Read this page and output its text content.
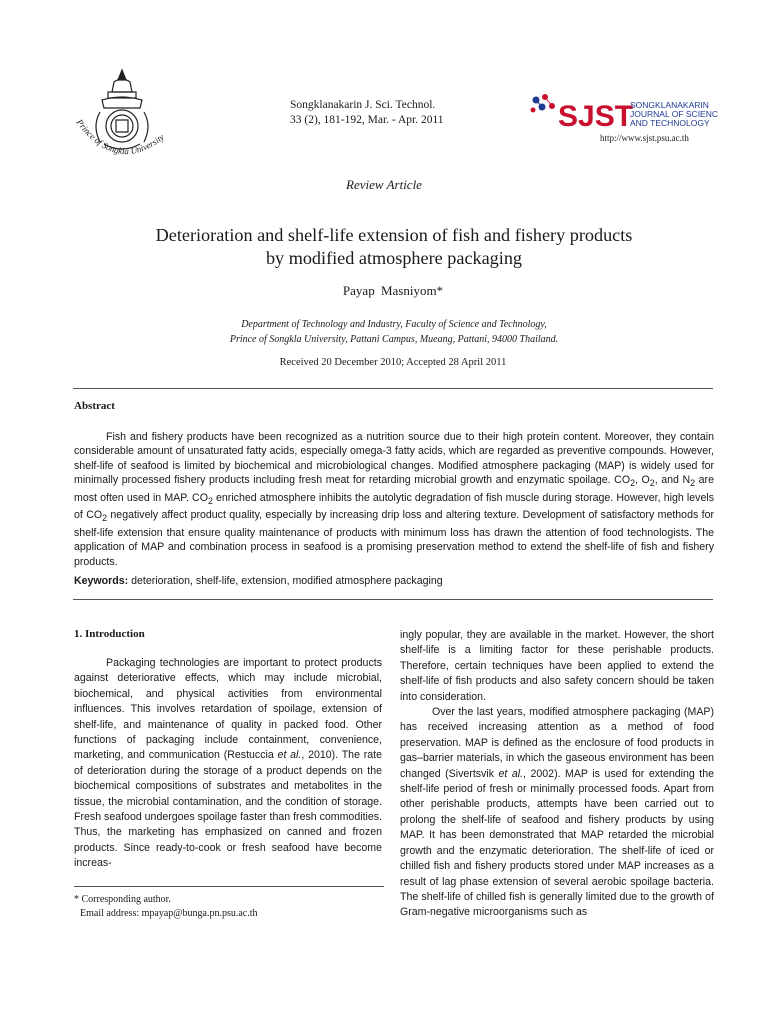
Prince of Songkla University
Songklanakarin J. Sci. Technol.
33 (2), 181-192, Mar. - Apr. 2011	SJST
SONGKLANAKARIN
JOURNAL OF SCIENCE
AND TECHNOLOGY
http://www.sjst.psu.ac.th
Review Article
Deterioration and shelf-life extension of fish and fishery products
by modified atmosphere packaging
Payap Masniyom*
Department of Technology and Industry, Faculty of Science and Technology,
Prince of Songkla University, Pattani Campus, Mueang, Pattani, 94000 Thailand.
Received 20 December 2010; Accepted 28 April 2011
Abstract

Fish and fishery products have been recognized as a nutrition source due to their high protein content. Moreover, they contain considerable amount of unsaturated fatty acids, especially omega-3 fatty acids, which are regarded as preventive compounds. However, shelf-life of seafood is limited by biochemical and microbiological changes. Modified atmosphere packaging (MAP) is widely used for minimally processed fishery products including fresh meat for retarding microbial growth and enzymatic spoilage. $CO_2$, $O_2$, and $N_2$ are most often used in MAP. $CO_2$ enriched atmosphere inhibits the autolytic degradation of fish muscle during storage. However, high levels of $CO_2$ negatively affect product quality, especially by increasing drip loss and altering texture. Development of satisfactory methods for shelf-life extension that ensure quality maintenance of products with minimum loss has drawn the attention of food technologists. The application of MAP and combination process in seafood is a promising preservation method to extend the shelf-life of fish and fishery products.

Keywords: deterioration, shelf-life, extension, modified atmosphere packaging
1. Introduction

Packaging technologies are important to protect products against deteriorative effects, which may include microbial, biochemical, and physical activities from environmental influences. This involves retardation of spoilage, extension of shelf-life, and maintenance of quality in packed food. Other functions of packaging include containment, convenience, marketing, and communication (Restuccia et al., 2010). The rate of deterioration during the storage of a product depends on the biochemical compositions of substrates and metabolites in the tissue, the microbial contamination, and the condition of storage. Fresh seafood undergoes spoilage faster than fresh commodities. Thus, the marketing has emphasized on canned and frozen products. Since ready-to-cook or fresh seafood have become increas-

ingly popular, they are available in the market. However, the short shelf-life is a limiting factor for these perishable products. Therefore, certain techniques have been applied to extend the shelf-life of fish products and also safety concern should be taken into consideration.

Over the last years, modified atmosphere packaging (MAP) has received increasing attention as a method of food preservation. MAP is defined as the enclosure of food products in gas–barrier materials, in which the gaseous environment has been changed (Sivertsvik et al., 2002). MAP is used for extending the shelf-life period of fresh or minimally processed foods. Apart from other perishable products, attempts have been carried out to prolong the shelf-life of seafood and fishery products by using MAP. It has been demonstrated that MAP retarded the microbial growth and the enzymatic deterioration. The shelf-life of iced or chilled fish and fishery products stored under MAP increases as a result of lag phase extension of several aerobic spoilage bacteria. The shelf-life of chilled fish is generally limited due to the growth of Gram-negative microorganisms such as

* Corresponding author.
Email address: mpayap@bunga.pn.psu.ac.th
